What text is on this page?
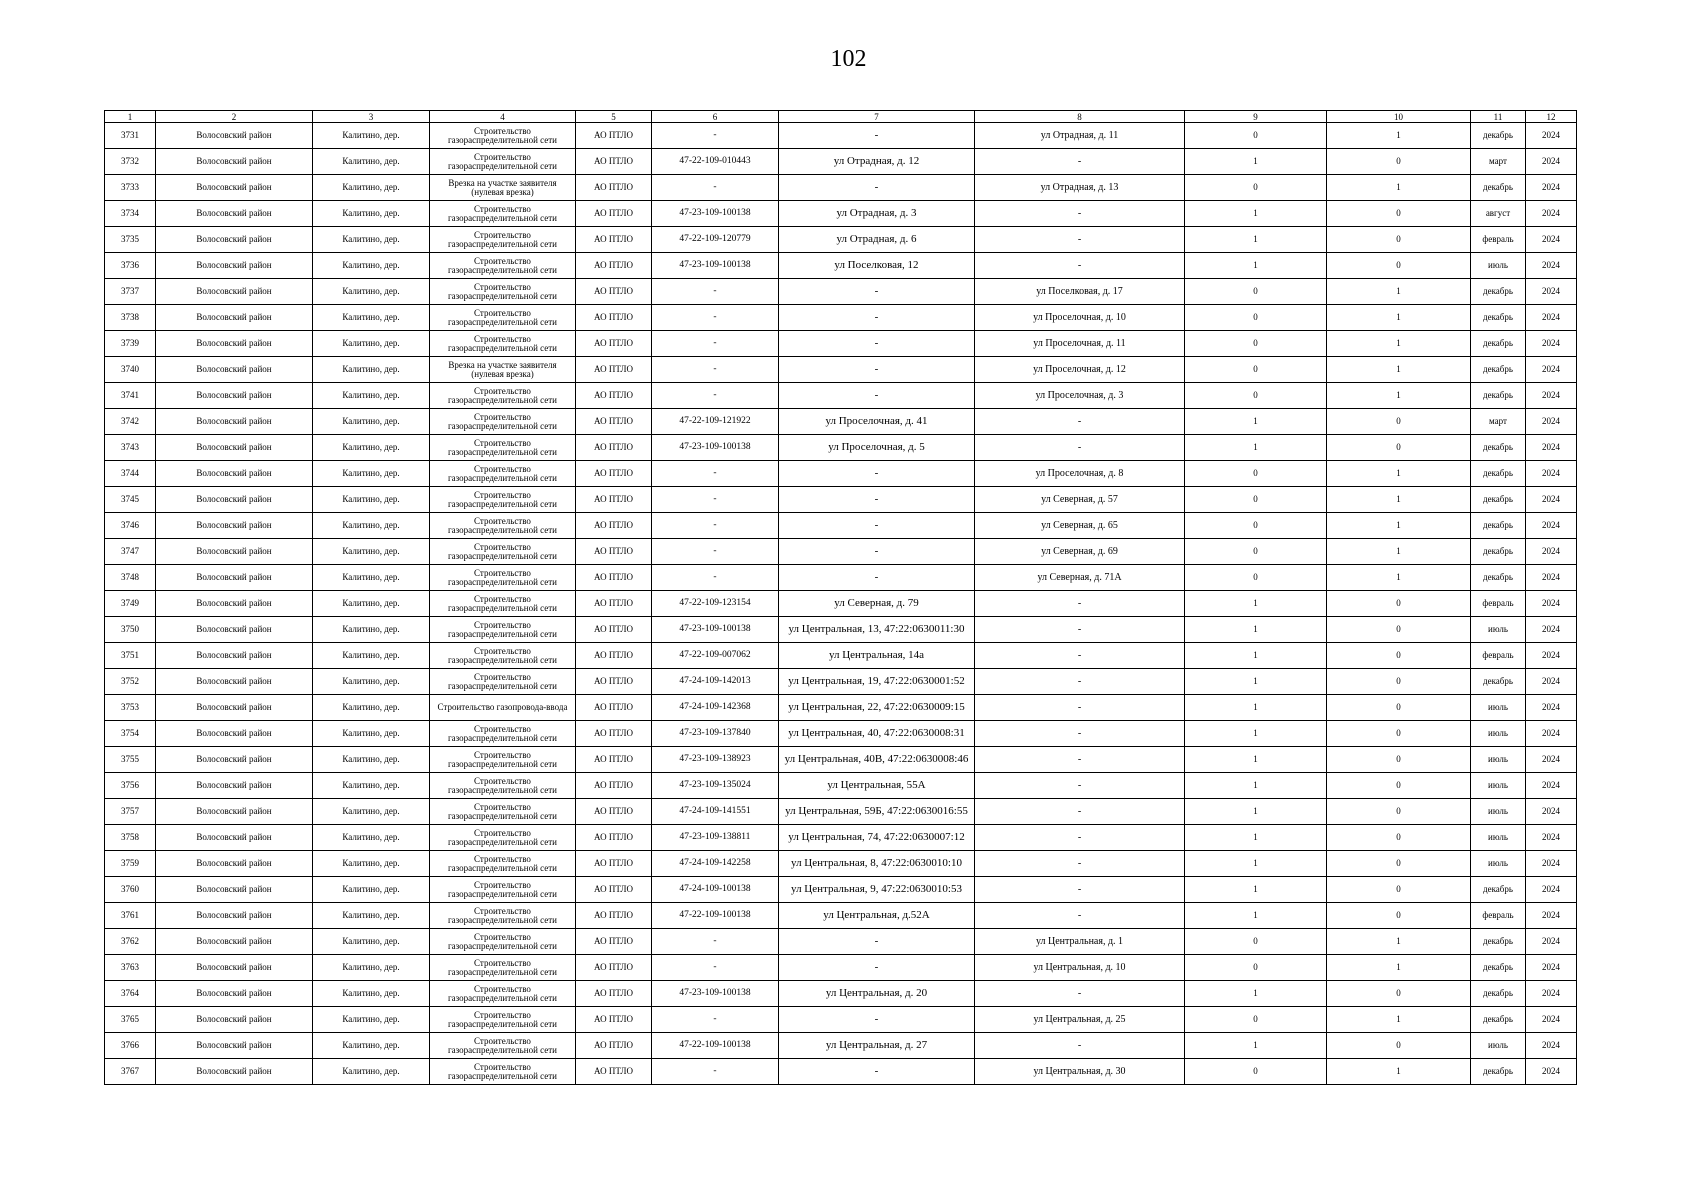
102
1	2	3	4	5	6	7	8	9	10	11	12
3731	Волосовский район	Калитино, дер.	Строительство газораспределительной сети	АО ПТЛО	-	-	ул Отрадная, д. 11	0	1	декабрь	2024
3732	Волосовский район	Калитино, дер.	Строительство газораспределительной сети	АО ПТЛО	47-22-109-010443	ул Отрадная, д. 12	-	1	0	март	2024
3733	Волосовский район	Калитино, дер.	Врезка на участке заявителя (нулевая врезка)	АО ПТЛО	-	-	ул Отрадная, д. 13	0	1	декабрь	2024
3734	Волосовский район	Калитино, дер.	Строительство газораспределительной сети	АО ПТЛО	47-23-109-100138	ул Отрадная, д. 3	-	1	0	август	2024
3735	Волосовский район	Калитино, дер.	Строительство газораспределительной сети	АО ПТЛО	47-22-109-120779	ул Отрадная, д. 6	-	1	0	февраль	2024
3736	Волосовский район	Калитино, дер.	Строительство газораспределительной сети	АО ПТЛО	47-23-109-100138	ул Поселковая, 12	-	1	0	июль	2024
3737	Волосовский район	Калитино, дер.	Строительство газораспределительной сети	АО ПТЛО	-	-	ул Поселковая, д. 17	0	1	декабрь	2024
3738	Волосовский район	Калитино, дер.	Строительство газораспределительной сети	АО ПТЛО	-	-	ул Проселочная, д. 10	0	1	декабрь	2024
3739	Волосовский район	Калитино, дер.	Строительство газораспределительной сети	АО ПТЛО	-	-	ул Проселочная, д. 11	0	1	декабрь	2024
3740	Волосовский район	Калитино, дер.	Врезка на участке заявителя (нулевая врезка)	АО ПТЛО	-	-	ул Проселочная, д. 12	0	1	декабрь	2024
3741	Волосовский район	Калитино, дер.	Строительство газораспределительной сети	АО ПТЛО	-	-	ул Проселочная, д. 3	0	1	декабрь	2024
3742	Волосовский район	Калитино, дер.	Строительство газораспределительной сети	АО ПТЛО	47-22-109-121922	ул Проселочная, д. 41	-	1	0	март	2024
3743	Волосовский район	Калитино, дер.	Строительство газораспределительной сети	АО ПТЛО	47-23-109-100138	ул Проселочная, д. 5	-	1	0	декабрь	2024
3744	Волосовский район	Калитино, дер.	Строительство газораспределительной сети	АО ПТЛО	-	-	ул Проселочная, д. 8	0	1	декабрь	2024
3745	Волосовский район	Калитино, дер.	Строительство газораспределительной сети	АО ПТЛО	-	-	ул Северная, д. 57	0	1	декабрь	2024
3746	Волосовский район	Калитино, дер.	Строительство газораспределительной сети	АО ПТЛО	-	-	ул Северная, д. 65	0	1	декабрь	2024
3747	Волосовский район	Калитино, дер.	Строительство газораспределительной сети	АО ПТЛО	-	-	ул Северная, д. 69	0	1	декабрь	2024
3748	Волосовский район	Калитино, дер.	Строительство газораспределительной сети	АО ПТЛО	-	-	ул Северная, д. 71А	0	1	декабрь	2024
3749	Волосовский район	Калитино, дер.	Строительство газораспределительной сети	АО ПТЛО	47-22-109-123154	ул Северная, д. 79	-	1	0	февраль	2024
3750	Волосовский район	Калитино, дер.	Строительство газораспределительной сети	АО ПТЛО	47-23-109-100138	ул Центральная, 13, 47:22:0630011:30	-	1	0	июль	2024
3751	Волосовский район	Калитино, дер.	Строительство газораспределительной сети	АО ПТЛО	47-22-109-007062	ул Центральная, 14а	-	1	0	февраль	2024
3752	Волосовский район	Калитино, дер.	Строительство газораспределительной сети	АО ПТЛО	47-24-109-142013	ул Центральная, 19, 47:22:0630001:52	-	1	0	декабрь	2024
3753	Волосовский район	Калитино, дер.	Строительство газопровода-ввода	АО ПТЛО	47-24-109-142368	ул Центральная, 22, 47:22:0630009:15	-	1	0	июль	2024
3754	Волосовский район	Калитино, дер.	Строительство газораспределительной сети	АО ПТЛО	47-23-109-137840	ул Центральная, 40, 47:22:0630008:31	-	1	0	июль	2024
3755	Волосовский район	Калитино, дер.	Строительство газораспределительной сети	АО ПТЛО	47-23-109-138923	ул Центральная, 40В, 47:22:0630008:46	-	1	0	июль	2024
3756	Волосовский район	Калитино, дер.	Строительство газораспределительной сети	АО ПТЛО	47-23-109-135024	ул Центральная, 55А	-	1	0	июль	2024
3757	Волосовский район	Калитино, дер.	Строительство газораспределительной сети	АО ПТЛО	47-24-109-141551	ул Центральная, 59Б, 47:22:0630016:55	-	1	0	июль	2024
3758	Волосовский район	Калитино, дер.	Строительство газораспределительной сети	АО ПТЛО	47-23-109-138811	ул Центральная, 74, 47:22:0630007:12	-	1	0	июль	2024
3759	Волосовский район	Калитино, дер.	Строительство газораспределительной сети	АО ПТЛО	47-24-109-142258	ул Центральная, 8, 47:22:0630010:10	-	1	0	июль	2024
3760	Волосовский район	Калитино, дер.	Строительство газораспределительной сети	АО ПТЛО	47-24-109-100138	ул Центральная, 9, 47:22:0630010:53	-	1	0	декабрь	2024
3761	Волосовский район	Калитино, дер.	Строительство газораспределительной сети	АО ПТЛО	47-22-109-100138	ул Центральная, д.52А	-	1	0	февраль	2024
3762	Волосовский район	Калитино, дер.	Строительство газораспределительной сети	АО ПТЛО	-	-	ул Центральная, д. 1	0	1	декабрь	2024
3763	Волосовский район	Калитино, дер.	Строительство газораспределительной сети	АО ПТЛО	-	-	ул Центральная, д. 10	0	1	декабрь	2024
3764	Волосовский район	Калитино, дер.	Строительство газораспределительной сети	АО ПТЛО	47-23-109-100138	ул Центральная, д. 20	-	1	0	декабрь	2024
3765	Волосовский район	Калитино, дер.	Строительство газораспределительной сети	АО ПТЛО	-	-	ул Центральная, д. 25	0	1	декабрь	2024
3766	Волосовский район	Калитино, дер.	Строительство газораспределительной сети	АО ПТЛО	47-22-109-100138	ул Центральная, д. 27	-	1	0	июль	2024
3767	Волосовский район	Калитино, дер.	Строительство газораспределительной сети	АО ПТЛО	-	-	ул Центральная, д. 30	0	1	декабрь	2024
